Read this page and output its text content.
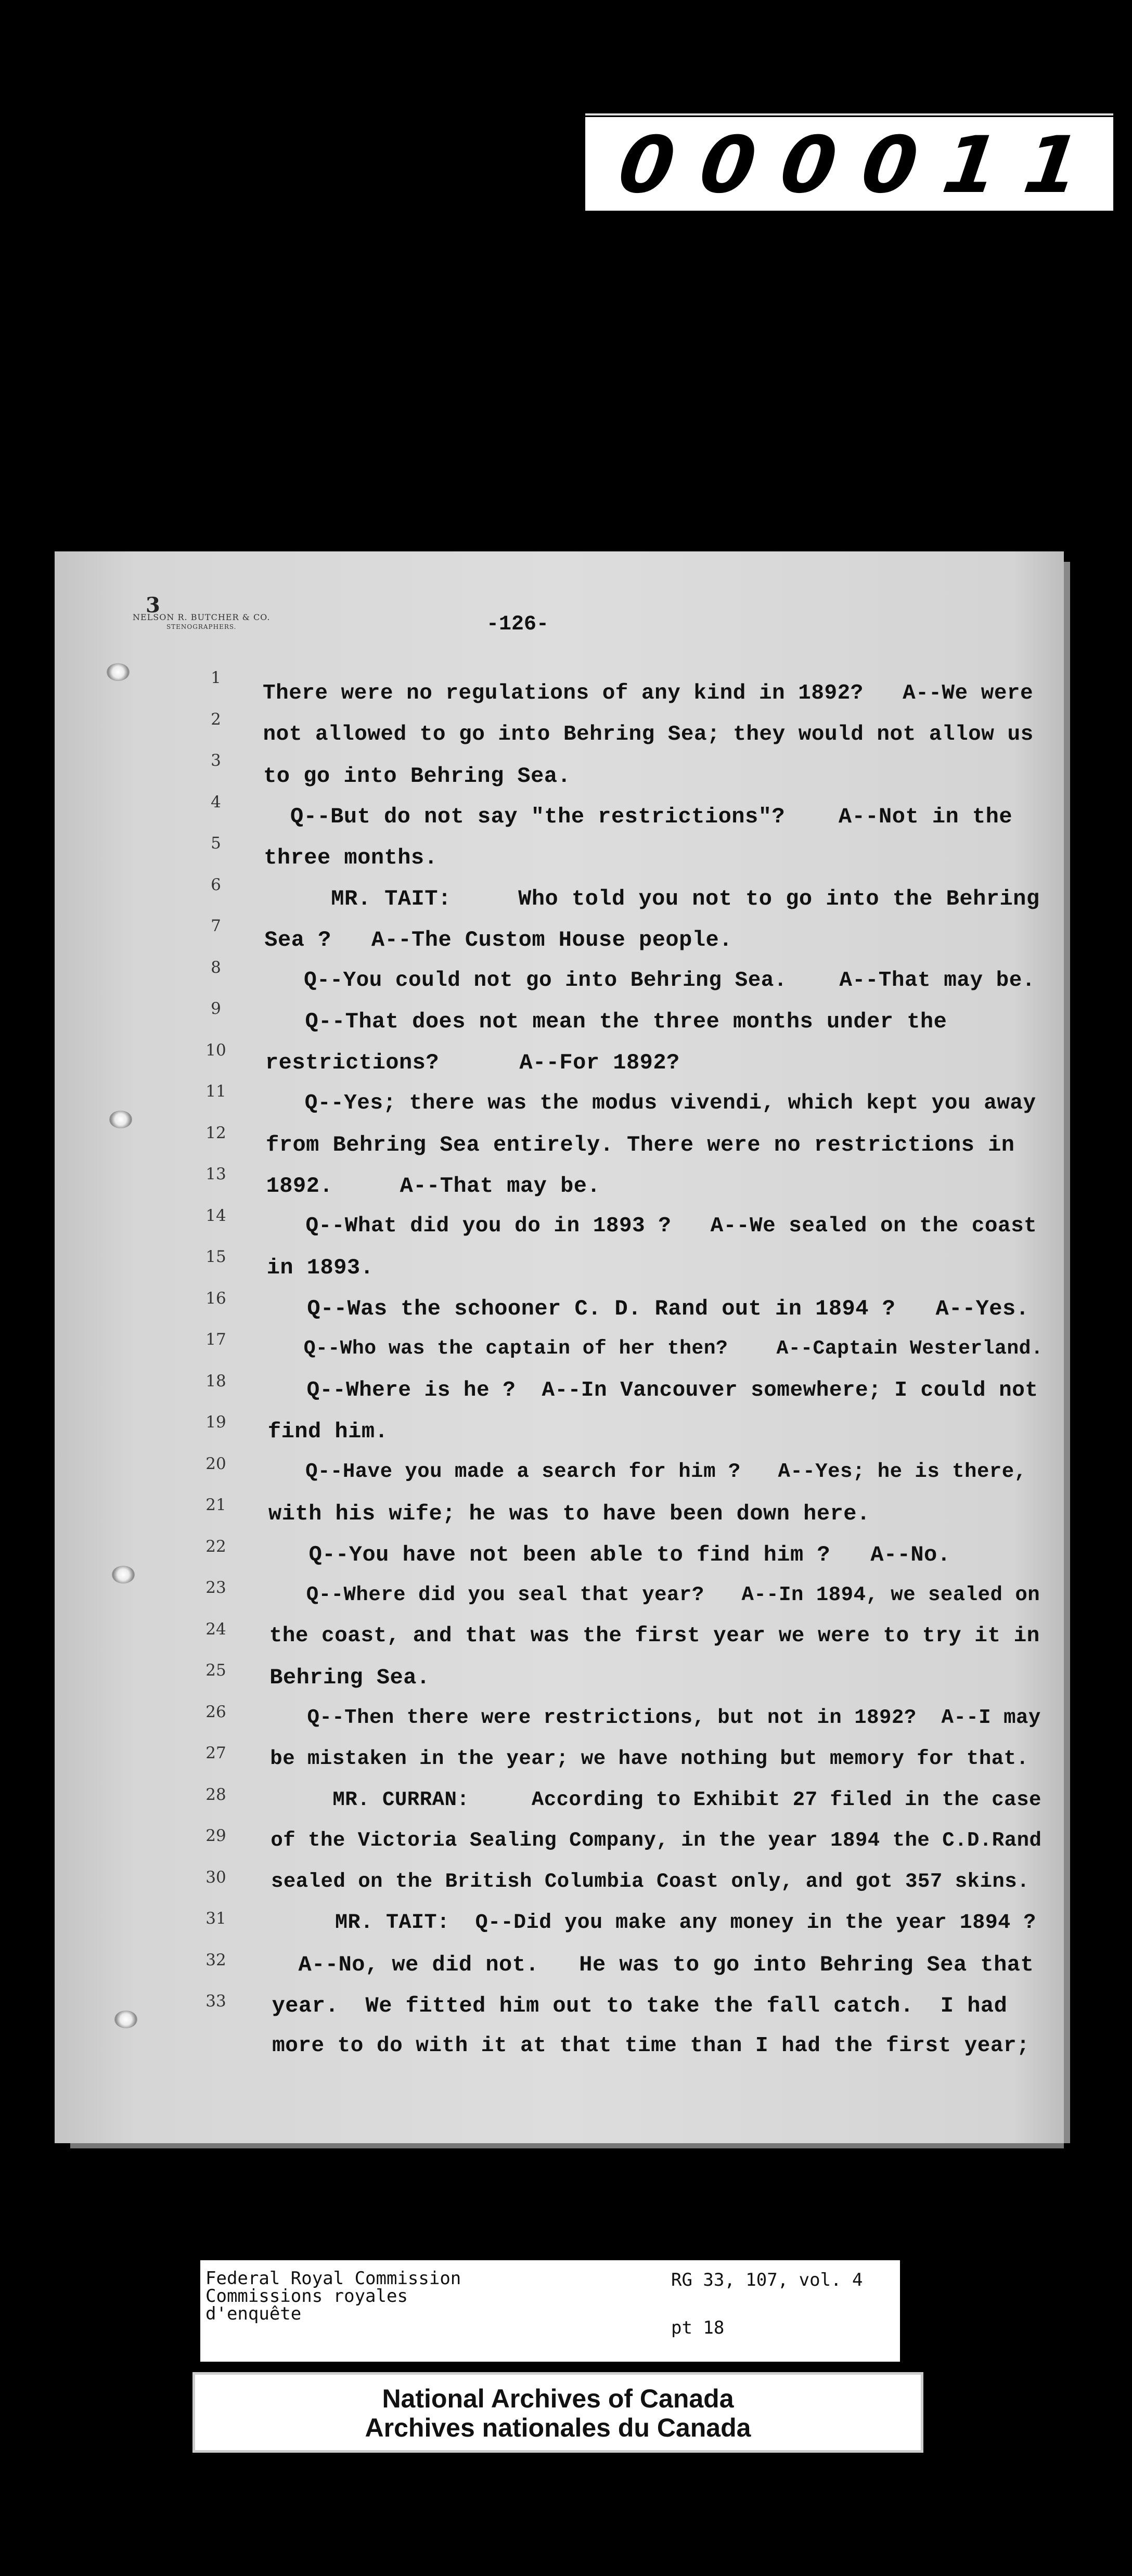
0 0 0 0 1 1
3
NELSON R. BUTCHER & CO.
STENOGRAPHERS.	-126-
1
2
3
4
5
6
7
8
9
10
11
12
13
14
15
16
17
18
19
20
21
22
23
24
25
26
27
28
29
30
31
32
33
There were no regulations of any kind in 1892?   A--We were
not allowed to go into Behring Sea; they would not allow us
to go into Behring Sea.
Q--But do not say "the restrictions"?    A--Not in the
three months.
MR. TAIT:     Who told you not to go into the Behring
Sea ?   A--The Custom House people.
Q--You could not go into Behring Sea.    A--That may be.
Q--That does not mean the three months under the
restrictions?      A--For 1892?
Q--Yes; there was the modus vivendi, which kept you away
from Behring Sea entirely. There were no restrictions in
1892.     A--That may be.
Q--What did you do in 1893 ?   A--We sealed on the coast
in 1893.
Q--Was the schooner C. D. Rand out in 1894 ?   A--Yes.
Q--Who was the captain of her then?    A--Captain Westerland.
Q--Where is he ?  A--In Vancouver somewhere; I could not
find him.
Q--Have you made a search for him ?   A--Yes; he is there,
with his wife; he was to have been down here.
Q--You have not been able to find him ?   A--No.
Q--Where did you seal that year?   A--In 1894, we sealed on
the coast, and that was the first year we were to try it in
Behring Sea.
Q--Then there were restrictions, but not in 1892?  A--I may
be mistaken in the year; we have nothing but memory for that.
MR. CURRAN:     According to Exhibit 27 filed in the case
of the Victoria Sealing Company, in the year 1894 the C.D.Rand
sealed on the British Columbia Coast only, and got 357 skins.
MR. TAIT:  Q--Did you make any money in the year 1894 ?
A--No, we did not.   He was to go into Behring Sea that
year.  We fitted him out to take the fall catch.  I had
more to do with it at that time than I had the first year;
Federal Royal Commission
Commissions royales
d'enquête
RG 33, 107, vol. 4
pt 18
National Archives of Canada
Archives nationales du Canada
